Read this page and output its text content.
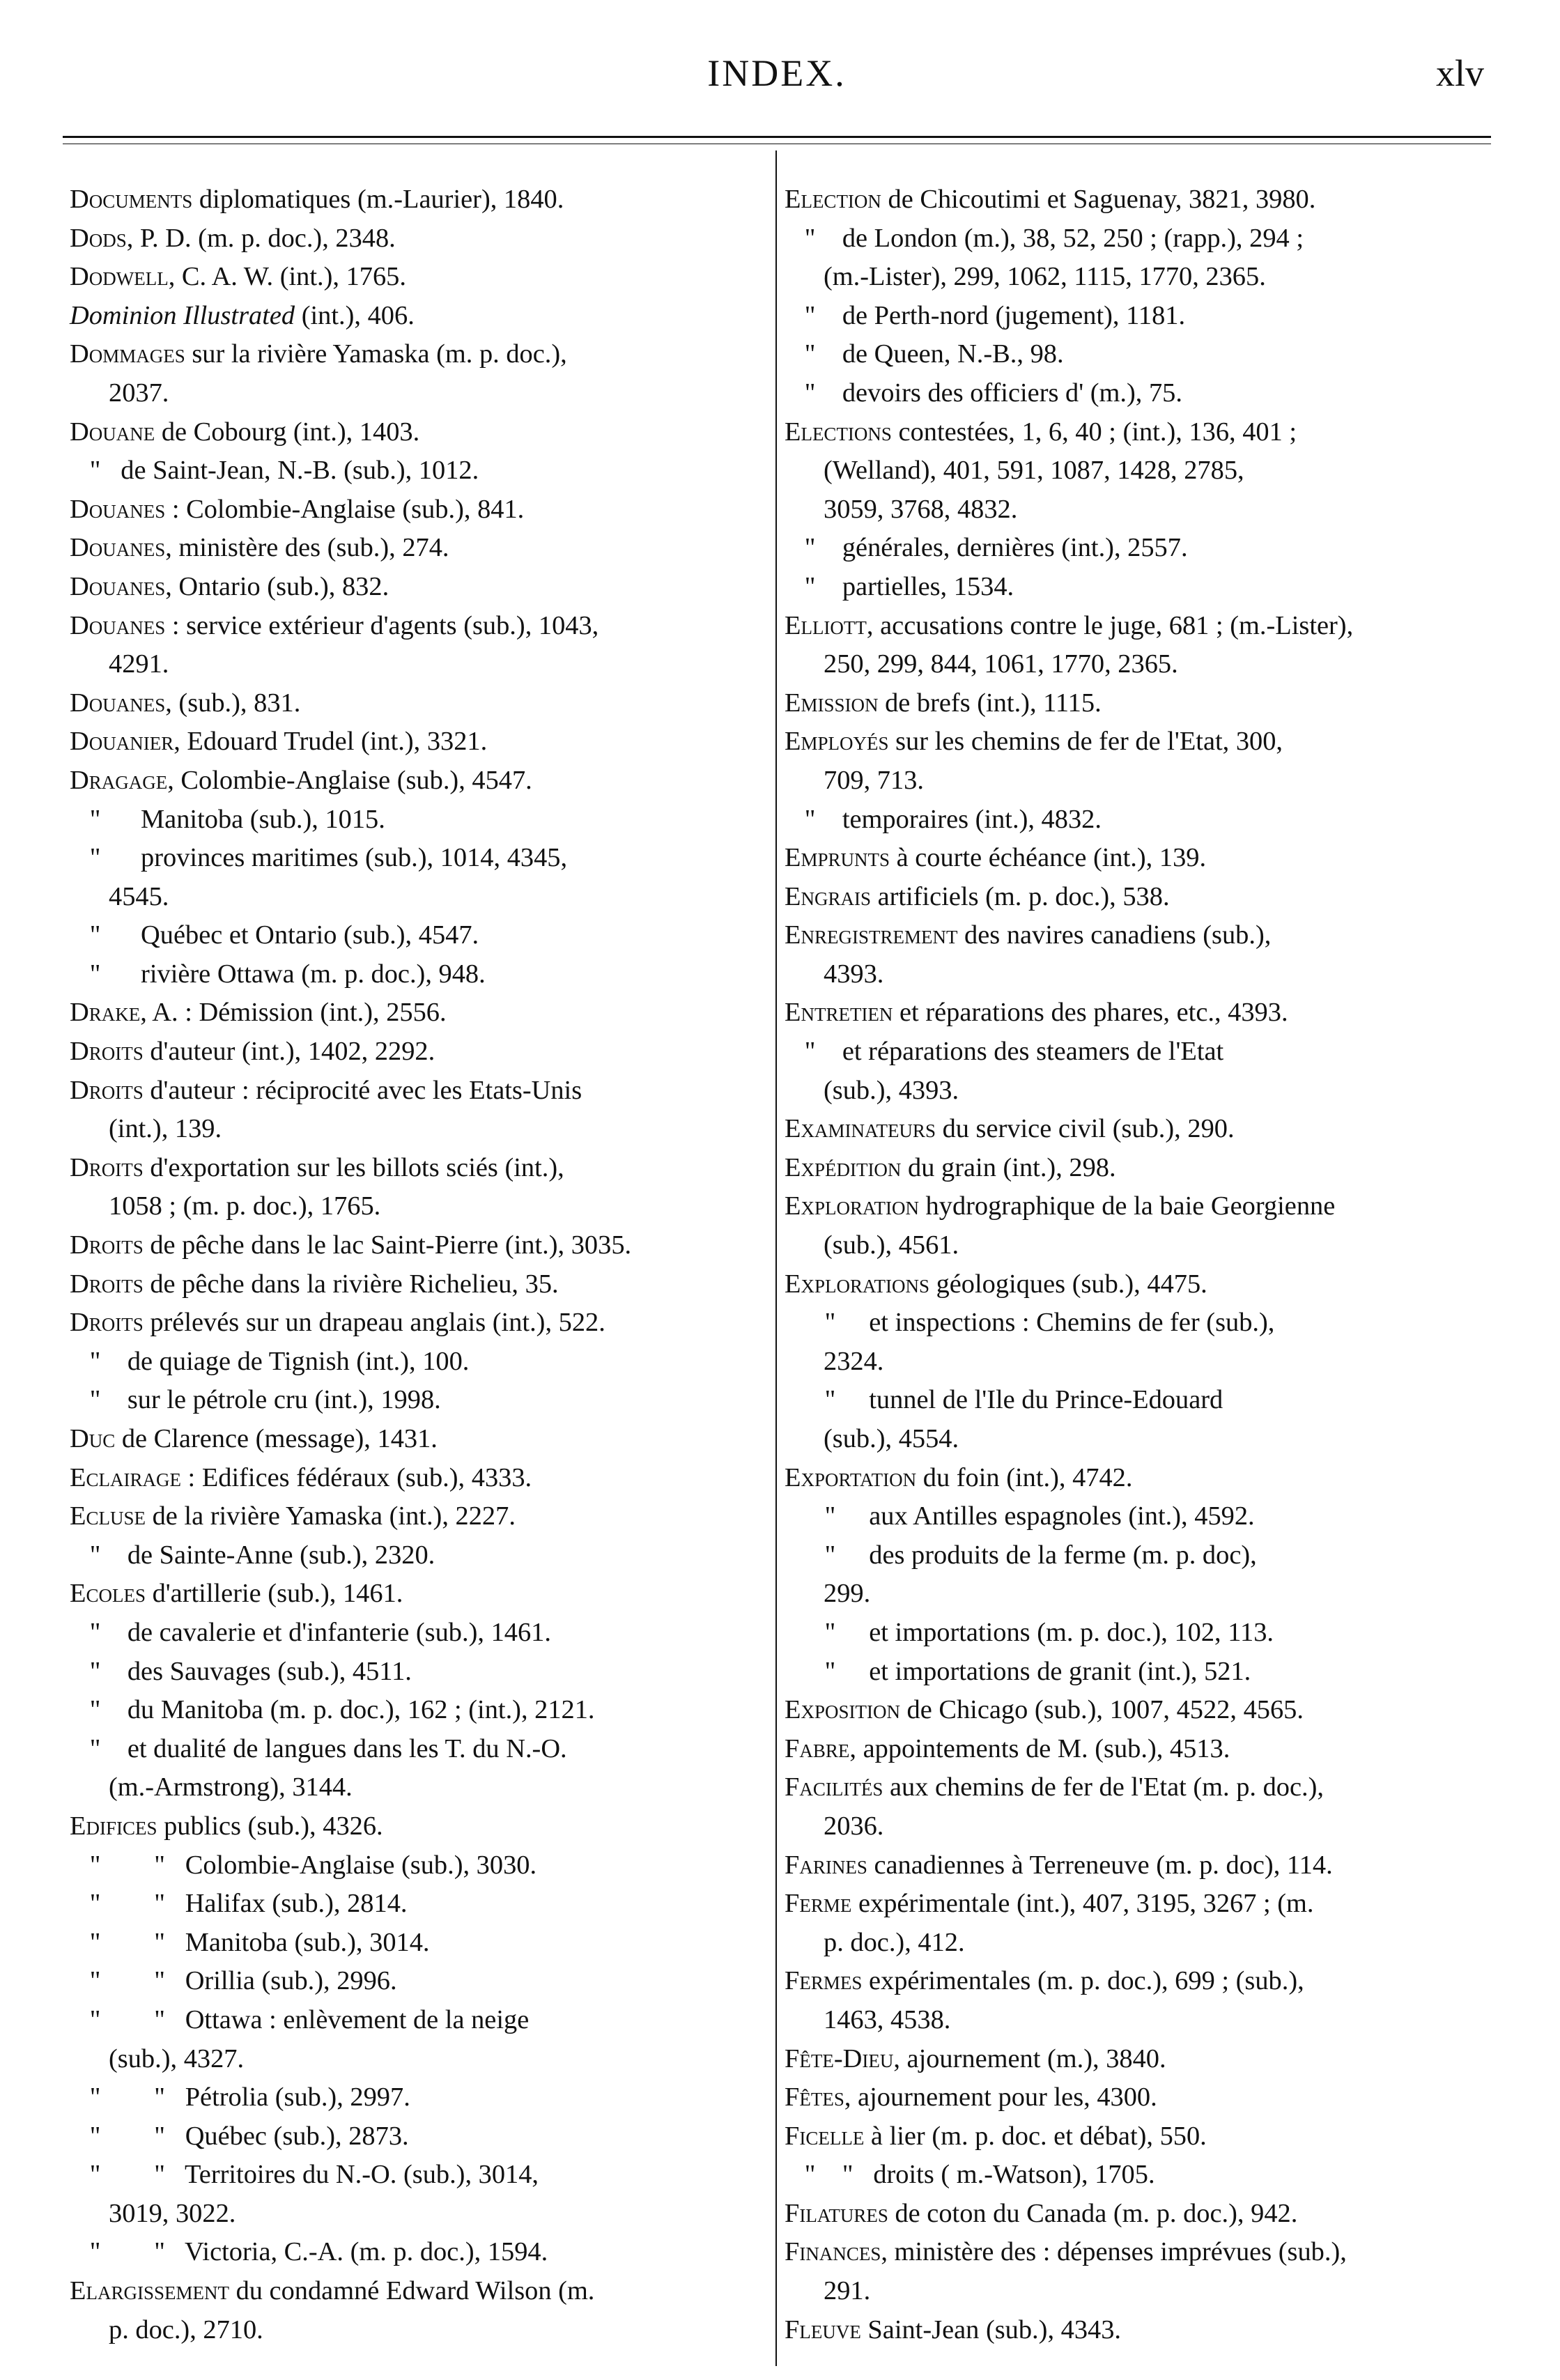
INDEX.	xlv
Documents diplomatiques (m.-Laurier), 1840.
Dods, P. D. (m. p. doc.), 2348.
Dodwell, C. A. W. (int.), 1765.
Dominion Illustrated (int.), 406.
Dommages sur la rivière Yamaska (m. p. doc.),
2037.
Douane de Cobourg (int.), 1403.
"   de Saint-Jean, N.-B. (sub.), 1012.
Douanes : Colombie-Anglaise (sub.), 841.
Douanes, ministère des (sub.), 274.
Douanes, Ontario (sub.), 832.
Douanes : service extérieur d'agents (sub.), 1043,
4291.
Douanes, (sub.), 831.
Douanier, Edouard Trudel (int.), 3321.
Dragage, Colombie-Anglaise (sub.), 4547.
"      Manitoba (sub.), 1015.
"      provinces maritimes (sub.), 1014, 4345,
4545.
"      Québec et Ontario (sub.), 4547.
"      rivière Ottawa (m. p. doc.), 948.
Drake, A. : Démission (int.), 2556.
Droits d'auteur (int.), 1402, 2292.
Droits d'auteur : réciprocité avec les Etats-Unis
(int.), 139.
Droits d'exportation sur les billots sciés (int.),
1058 ; (m. p. doc.), 1765.
Droits de pêche dans le lac Saint-Pierre (int.), 3035.
Droits de pêche dans la rivière Richelieu, 35.
Droits prélevés sur un drapeau anglais (int.), 522.
"    de quiage de Tignish (int.), 100.
"    sur le pétrole cru (int.), 1998.
Duc de Clarence (message), 1431.
Eclairage : Edifices fédéraux (sub.), 4333.
Ecluse de la rivière Yamaska (int.), 2227.
"    de Sainte-Anne (sub.), 2320.
Ecoles d'artillerie (sub.), 1461.
"    de cavalerie et d'infanterie (sub.), 1461.
"    des Sauvages (sub.), 4511.
"    du Manitoba (m. p. doc.), 162 ; (int.), 2121.
"    et dualité de langues dans les T. du N.-O.
(m.-Armstrong), 3144.
Edifices publics (sub.), 4326.
"        "   Colombie-Anglaise (sub.), 3030.
"        "   Halifax (sub.), 2814.
"        "   Manitoba (sub.), 3014.
"        "   Orillia (sub.), 2996.
"        "   Ottawa : enlèvement de la neige
(sub.), 4327.
"        "   Pétrolia (sub.), 2997.
"        "   Québec (sub.), 2873.
"        "   Territoires du N.-O. (sub.), 3014,
3019, 3022.
"        "   Victoria, C.-A. (m. p. doc.), 1594.
Elargissement du condamné Edward Wilson (m.
p. doc.), 2710.
Election de Chicoutimi et Saguenay, 3821, 3980.
"    de London (m.), 38, 52, 250 ; (rapp.), 294 ;
(m.-Lister), 299, 1062, 1115, 1770, 2365.
"    de Perth-nord (jugement), 1181.
"    de Queen, N.-B., 98.
"    devoirs des officiers d' (m.), 75.
Elections contestées, 1, 6, 40 ; (int.), 136, 401 ;
(Welland), 401, 591, 1087, 1428, 2785,
3059, 3768, 4832.
"    générales, dernières (int.), 2557.
"    partielles, 1534.
Elliott, accusations contre le juge, 681 ; (m.-Lister),
250, 299, 844, 1061, 1770, 2365.
Emission de brefs (int.), 1115.
Employés sur les chemins de fer de l'Etat, 300,
709, 713.
"    temporaires (int.), 4832.
Emprunts à courte échéance (int.), 139.
Engrais artificiels (m. p. doc.), 538.
Enregistrement des navires canadiens (sub.),
4393.
Entretien et réparations des phares, etc., 4393.
"    et réparations des steamers de l'Etat
(sub.), 4393.
Examinateurs du service civil (sub.), 290.
Expédition du grain (int.), 298.
Exploration hydrographique de la baie Georgienne
(sub.), 4561.
Explorations géologiques (sub.), 4475.
"     et inspections : Chemins de fer (sub.),
2324.
"     tunnel de l'Ile du Prince-Edouard
(sub.), 4554.
Exportation du foin (int.), 4742.
"     aux Antilles espagnoles (int.), 4592.
"     des produits de la ferme (m. p. doc),
299.
"     et importations (m. p. doc.), 102, 113.
"     et importations de granit (int.), 521.
Exposition de Chicago (sub.), 1007, 4522, 4565.
Fabre, appointements de M. (sub.), 4513.
Facilités aux chemins de fer de l'Etat (m. p. doc.),
2036.
Farines canadiennes à Terreneuve (m. p. doc), 114.
Ferme expérimentale (int.), 407, 3195, 3267 ; (m.
p. doc.), 412.
Fermes expérimentales (m. p. doc.), 699 ; (sub.),
1463, 4538.
Fête-Dieu, ajournement (m.), 3840.
Fêtes, ajournement pour les, 4300.
Ficelle à lier (m. p. doc. et débat), 550.
"    "   droits ( m.-Watson), 1705.
Filatures de coton du Canada (m. p. doc.), 942.
Finances, ministère des : dépenses imprévues (sub.),
291.
Fleuve Saint-Jean (sub.), 4343.
